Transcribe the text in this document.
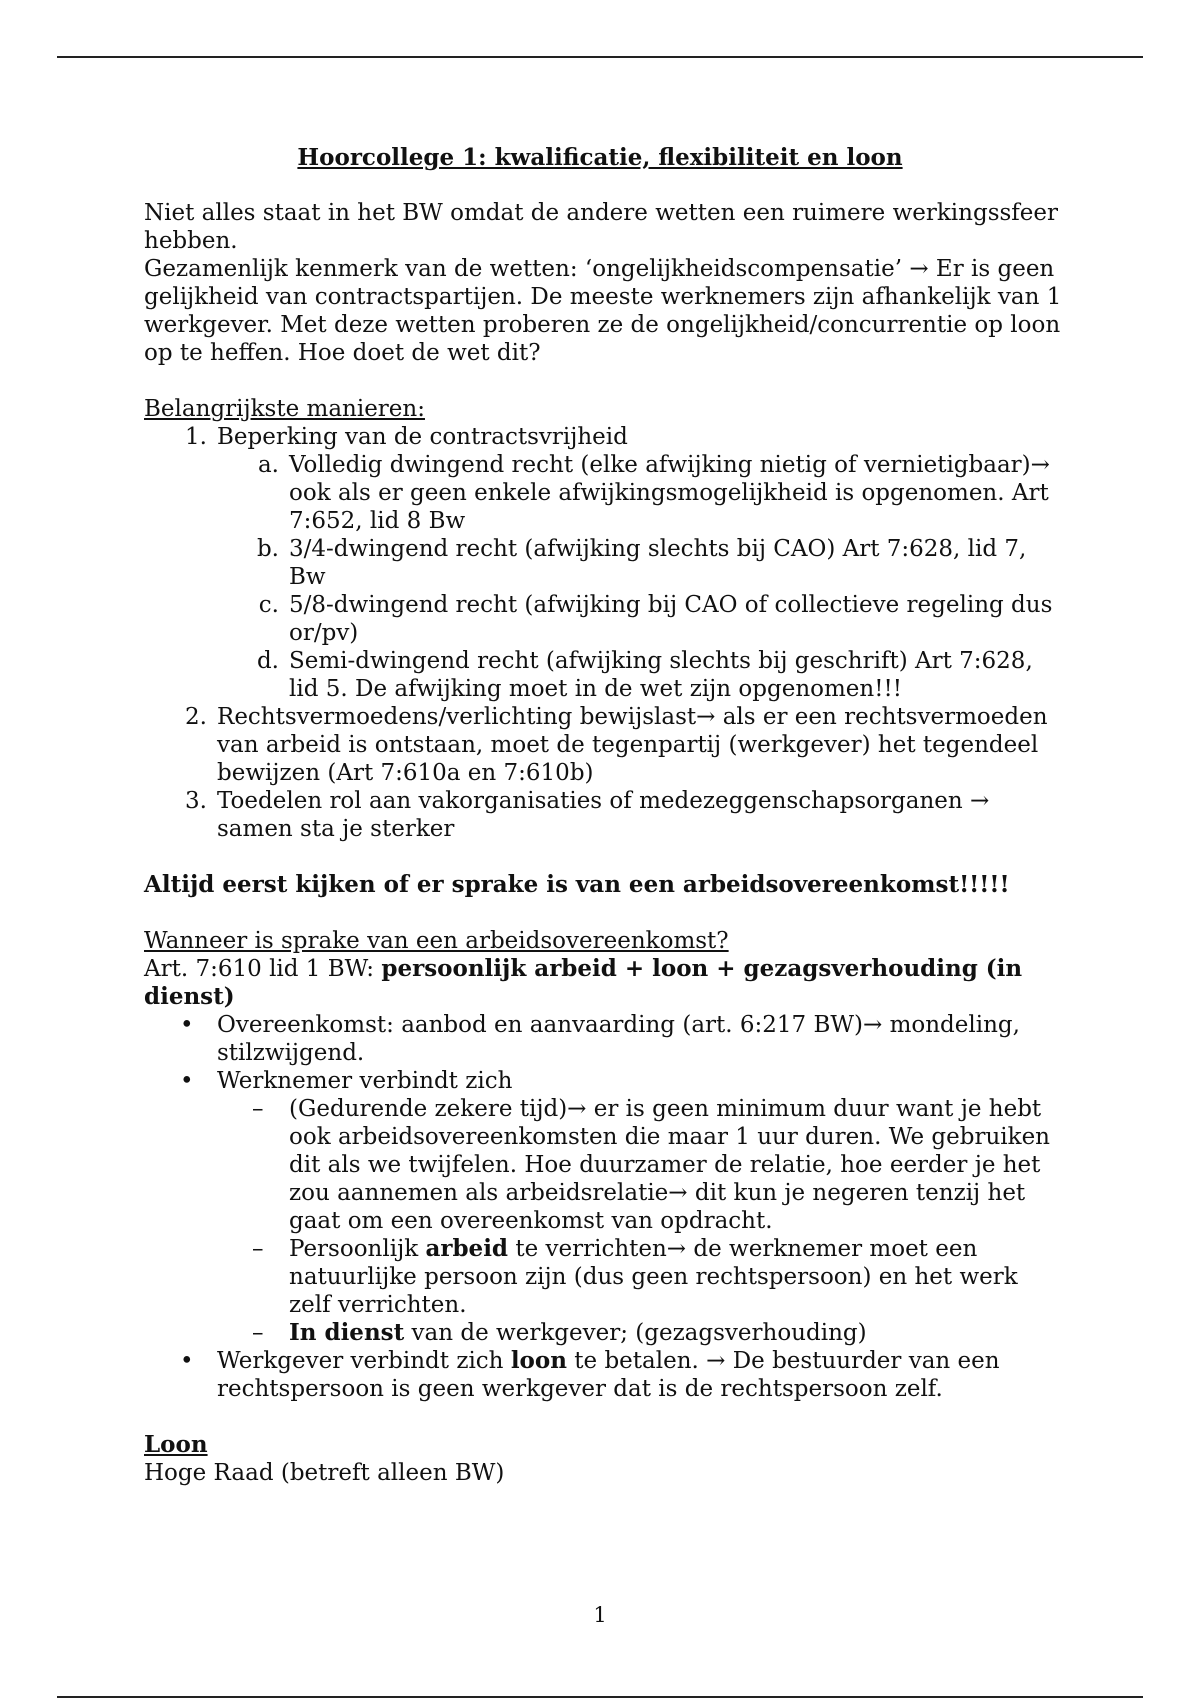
Hoorcollege 1: kwalificatie, flexibiliteit en loon

Niet alles staat in het BW omdat de andere wetten een ruimere werkingssfeer hebben.

Gezamenlijk kenmerk van de wetten: ‘ongelijkheidscompensatie’ → Er is geen gelijkheid van contractspartijen. De meeste werknemers zijn afhankelijk van 1 werkgever. Met deze wetten proberen ze de ongelijkheid/concurrentie op loon op te heffen. Hoe doet de wet dit?

Belangrijkste manieren:

1. Beperking van de contractsvrijheid
a. Volledig dwingend recht (elke afwijking nietig of vernietigbaar)→ ook als er geen enkele afwijkingsmogelijkheid is opgenomen. Art 7:652, lid 8 Bw
b. 3/4-dwingend recht (afwijking slechts bij CAO) Art 7:628, lid 7, Bw
c. 5/8-dwingend recht (afwijking bij CAO of collectieve regeling dus or/pv)
d. Semi-dwingend recht (afwijking slechts bij geschrift) Art 7:628, lid 5. De afwijking moet in de wet zijn opgenomen!!!
2. Rechtsvermoedens/verlichting bewijslast→ als er een rechtsvermoeden van arbeid is ontstaan, moet de tegenpartij (werkgever) het tegendeel bewijzen (Art 7:610a en 7:610b)
3. Toedelen rol aan vakorganisaties of medezeggenschapsorganen → samen sta je sterker

Altijd eerst kijken of er sprake is van een arbeidsovereenkomst!!!!!

Wanneer is sprake van een arbeidsovereenkomst?

Art. 7:610 lid 1 BW: persoonlijk arbeid + loon + gezagsverhouding (in dienst)

• Overeenkomst: aanbod en aanvaarding (art. 6:217 BW)→ mondeling, stilzwijgend.
• Werknemer verbindt zich
– (Gedurende zekere tijd)→ er is geen minimum duur want je hebt ook arbeidsovereenkomsten die maar 1 uur duren. We gebruiken dit als we twijfelen. Hoe duurzamer de relatie, hoe eerder je het zou aannemen als arbeidsrelatie→ dit kun je negeren tenzij het gaat om een overeenkomst van opdracht.
– Persoonlijk arbeid te verrichten→ de werknemer moet een natuurlijke persoon zijn (dus geen rechtspersoon) en het werk zelf verrichten.
– In dienst van de werkgever; (gezagsverhouding)
• Werkgever verbindt zich loon te betalen. → De bestuurder van een rechtspersoon is geen werkgever dat is de rechtspersoon zelf.

Loon

Hoge Raad (betreft alleen BW)

1
